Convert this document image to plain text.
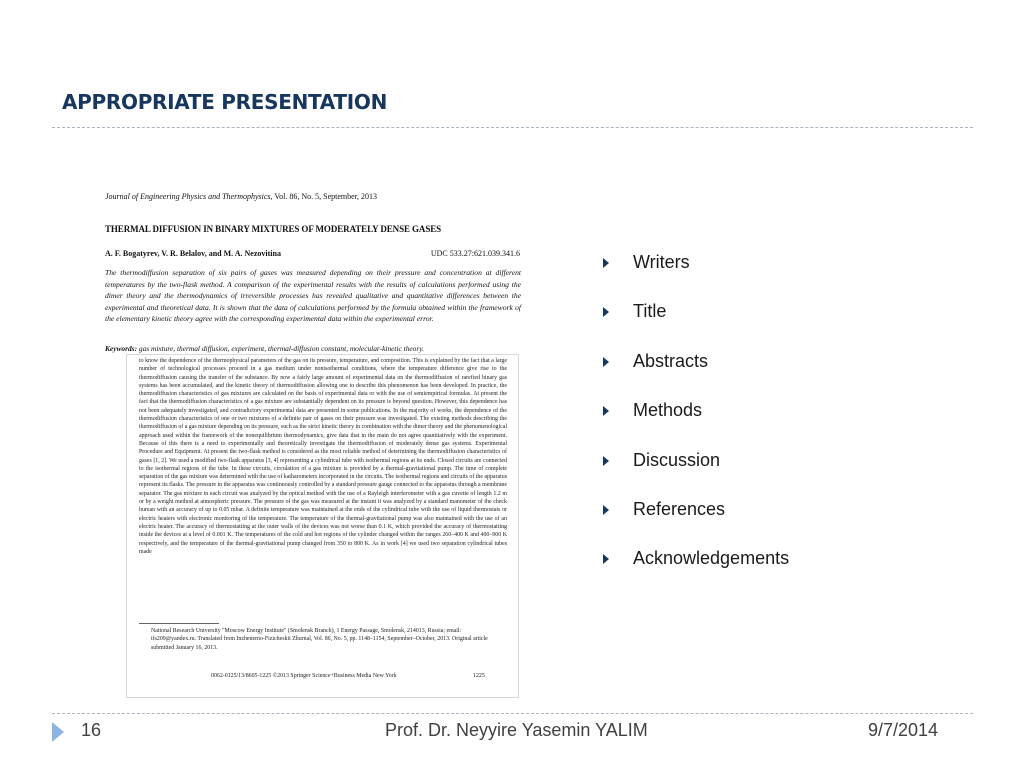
APPROPRIATE PRESENTATION
Journal of Engineering Physics and Thermophysics, Vol. 86, No. 5, September, 2013
THERMAL DIFFUSION IN BINARY MIXTURES OF MODERATELY DENSE GASES
A. F. Bogatyrev, V. R. Belalov, and M. A. Nezovitina	UDC 533.27:621.039.341.6

The thermodiffusion separation of six pairs of gases was measured depending on their pressure and concentration at different temperatures by the two-flask method. A comparison of the experimental results with the results of calculations performed using the dimer theory and the thermodynamics of irreversible processes has revealed qualitative and quantitative differences between the experimental and theoretical data. It is shown that the data of calculations performed by the formula obtained within the framework of the elementary kinetic theory agree with the corresponding experimental data within the experimental error.

Keywords: gas mixture, thermal diffusion, experiment, thermal-diffusion constant, molecular-kinetic theory.

to know the dependence of the thermophysical parameters of the gas on its pressure, temperature, and composition. This is explained by the fact that a large number of technological processes proceed in a gas medium under nonisothermal conditions, where the temperature difference give rise to the thermodiffusion causing the transfer of the substance. By now a fairly large amount of experimental data on the thermodiffusion of rarefied binary gas systems has been accumulated, and the kinetic theory of thermodiffusion allowing one to describe this phenomenon has been developed. In practice, the thermodiffusion characteristics of gas mixtures are calculated on the basis of experimental data or with the use of semiempirical formulas. At present the fact that the thermodiffusion characteristics of a gas mixture are substantially dependent on its pressure is beyond question. However, this dependence has not been adequately investigated, and contradictory experimental data are presented in some publications. In the majority of works, the dependence of the thermodiffusion characteristics of one or two mixtures of a definite pair of gases on their pressure was investigated. The existing methods describing the thermodiffusion of a gas mixture depending on its pressure, such as the strict kinetic theory in combination with the dimer theory and the phenomenological approach used within the framework of the nonequilibrium thermodynamics, give data that in the main do not agree quantitatively with the experiment. Because of this there is a need to experimentally and theoretically investigate the thermodiffusion of moderately dense gas systems. Experimental Procedure and Equipment. At present the two-flask method is considered as the most reliable method of determining the thermodiffusion characteristics of gases [1, 2]. We used a modified two-flask apparatus [3, 4] representing a cylindrical tube with isothermal regions at its ends. Closed circuits are connected to the isothermal regions of the tube. In these circuits, circulation of a gas mixture is provided by a thermal-gravitational pump. The time of complete separation of the gas mixture was determined with the use of katharometers incorporated in the circuits. The isothermal regions and circuits of the apparatus represent its flasks. The pressure in the apparatus was continuously controlled by a standard pressure gauge connected to the apparatus through a membrane separator. The gas mixture in each circuit was analyzed by the optical method with the use of a Rayleigh interferometer with a gas cuvette of length 1.2 m or by a weight method at atmospheric pressure. The pressure of the gas was measured at the instant it was analyzed by a standard manometer of the check burean with an accuracy of up to 0.05 mbar. A definite temperature was maintained at the ends of the cylindrical tube with the use of liquid thermostats or electric heaters with electronic monitoring of the temperature. The temperature of the thermal-gravitational pump was also maintained with the use of an electric heater. The accuracy of thermostatting at the outer walls of the devices was not worse than 0.1 K, which provided the accuracy of thermostatting inside the devices at a level of 0.001 K. The temperatures of the cold and hot regions of the cylinder changed within the ranges 260–400 K and 400–900 K respectively, and the temperature of the thermal-gravitational pump changed from 350 to 800 K. As in work [4] we used two separation cylindrical tubes made

National Research University "Moscow Energy Institute" (Smolensk Branch), 1 Energy Passage, Smolensk, 214013, Russia; email: tfs209@yandex.ru. Translated from Inzhenerno-Fizicheskii Zhurnal, Vol. 86, No. 5, pp. 1148–1154, September–October, 2013. Original article submitted January 16, 2013.

0062-0125/13/8605-1225 ©2013 Springer Science+Business Media New York	1225
Writers
Title
Abstracts
Methods
Discussion
References
Acknowledgements
16	Prof. Dr. Neyyire Yasemin YALIM	9/7/2014
